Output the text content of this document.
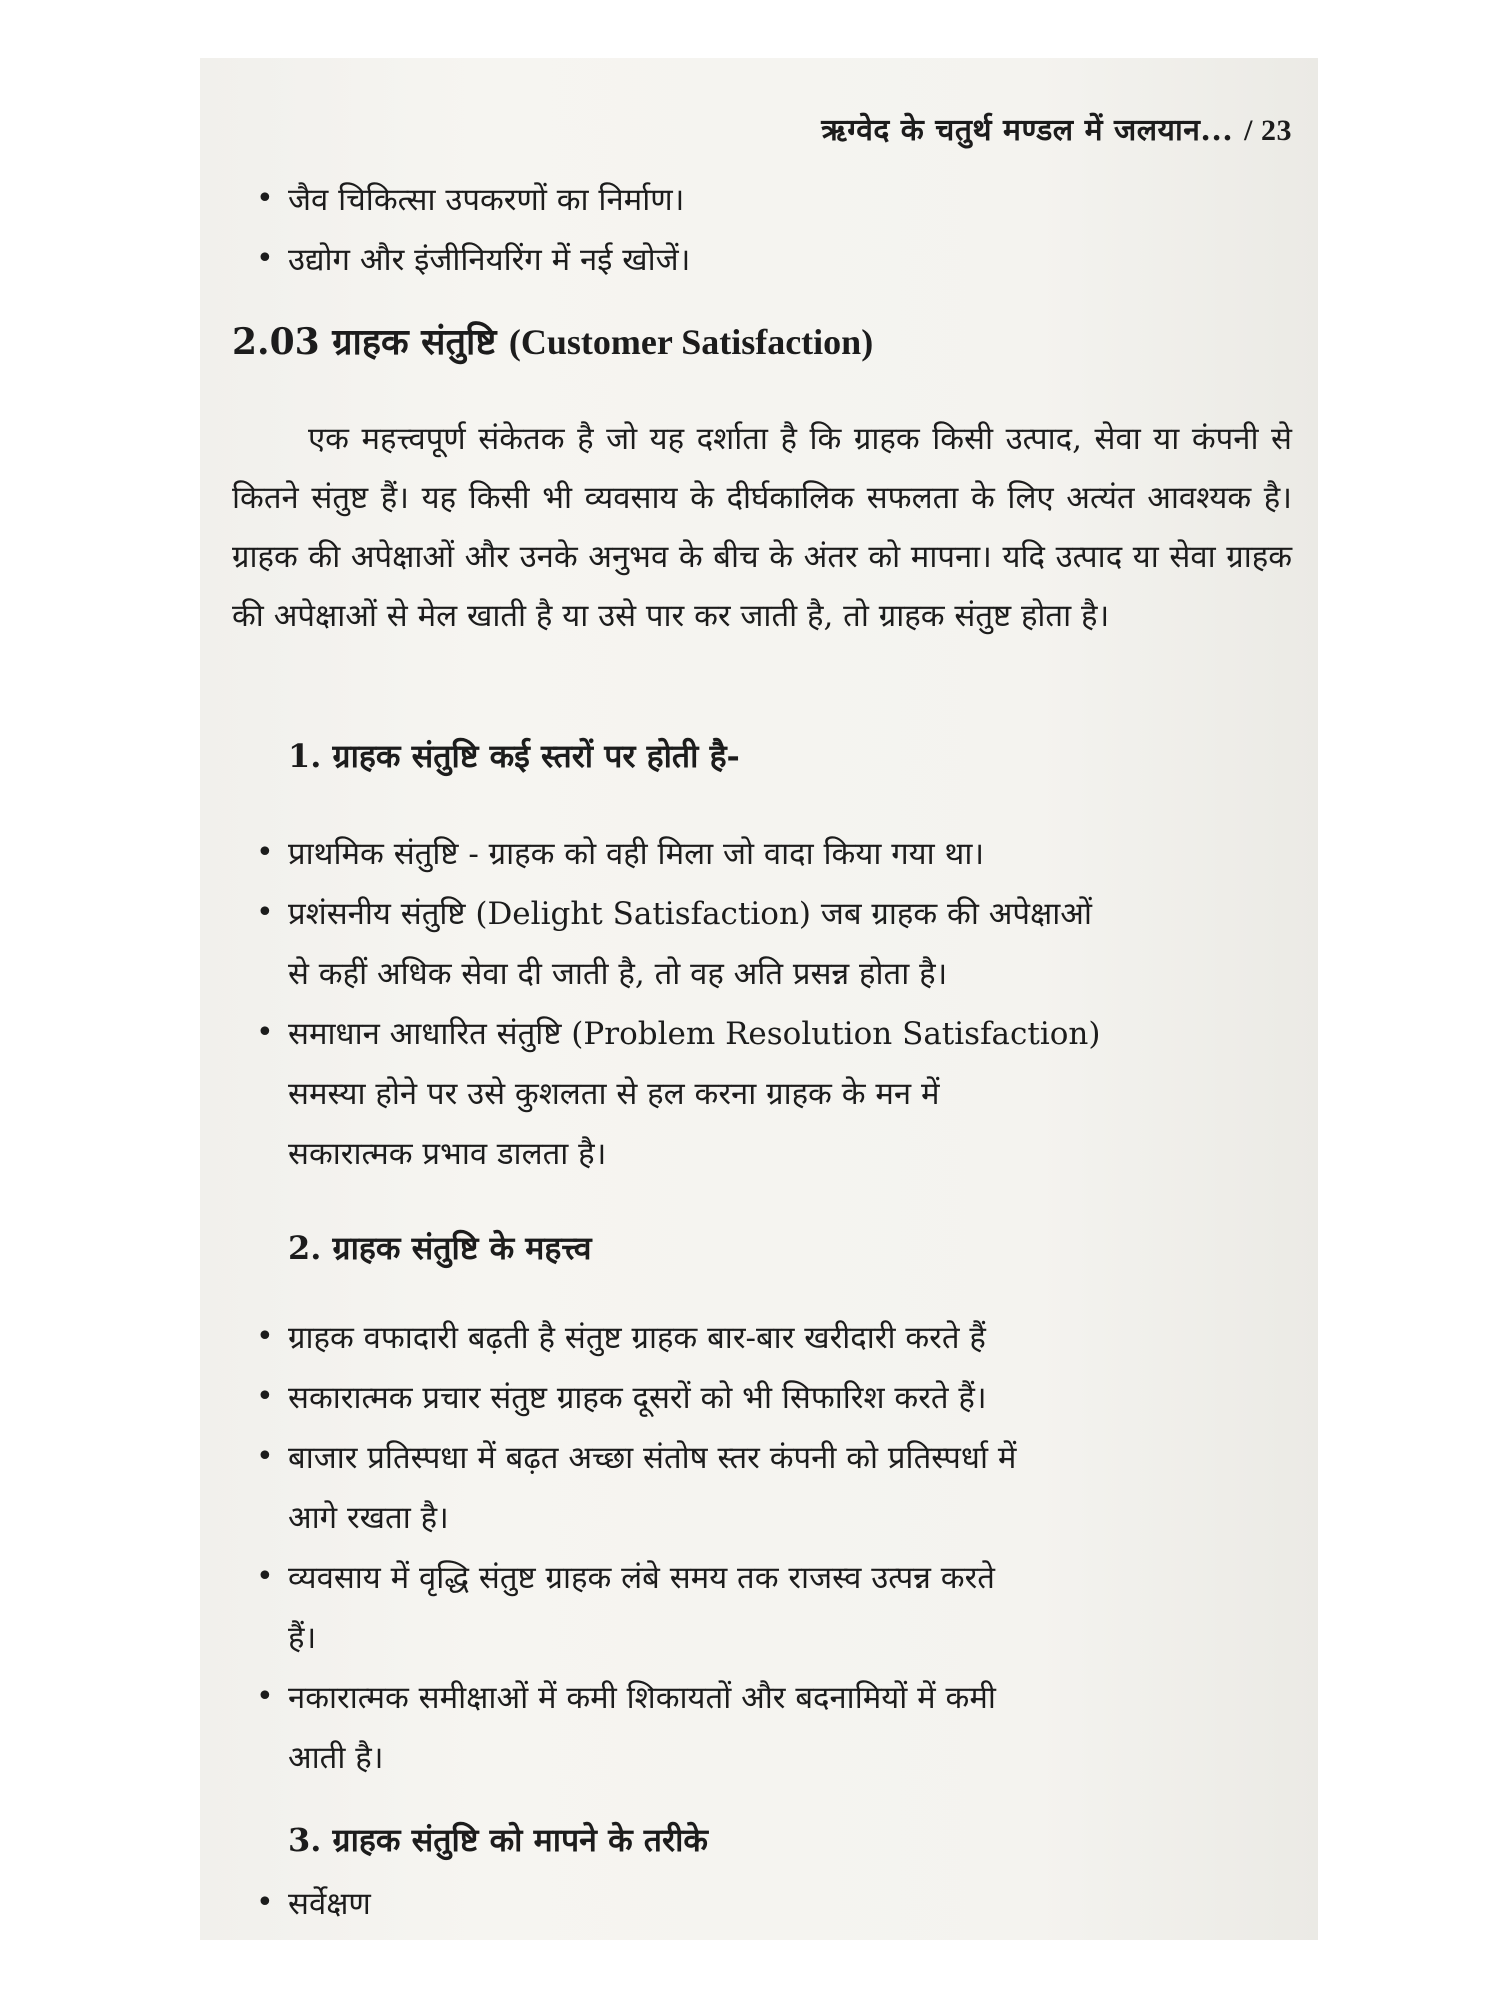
ऋग्वेद के चतुर्थ मण्डल में जलयान... / 23
• जैव चिकित्सा उपकरणों का निर्माण।
• उद्योग और इंजीनियरिंग में नई खोजें।
2.03 ग्राहक संतुष्टि (Customer Satisfaction)

एक महत्त्वपूर्ण संकेतक है जो यह दर्शाता है कि ग्राहक किसी उत्पाद, सेवा या कंपनी से कितने संतुष्ट हैं। यह किसी भी व्यवसाय के दीर्घकालिक सफलता के लिए अत्यंत आवश्यक है। ग्राहक की अपेक्षाओं और उनके अनुभव के बीच के अंतर को मापना। यदि उत्पाद या सेवा ग्राहक की अपेक्षाओं से मेल खाती है या उसे पार कर जाती है, तो ग्राहक संतुष्ट होता है।

1. ग्राहक संतुष्टि कई स्तरों पर होती है-
• प्राथमिक संतुष्टि - ग्राहक को वही मिला जो वादा किया गया था।
• प्रशंसनीय संतुष्टि (Delight Satisfaction) जब ग्राहक की अपेक्षाओं
से कहीं अधिक सेवा दी जाती है, तो वह अति प्रसन्न होता है।
• समाधान आधारित संतुष्टि (Problem Resolution Satisfaction)
समस्या होने पर उसे कुशलता से हल करना ग्राहक के मन में
सकारात्मक प्रभाव डालता है।
2. ग्राहक संतुष्टि के महत्त्व
• ग्राहक वफादारी बढ़ती है संतुष्ट ग्राहक बार-बार खरीदारी करते हैं
• सकारात्मक प्रचार संतुष्ट ग्राहक दूसरों को भी सिफारिश करते हैं।
• बाजार प्रतिस्पधा में बढ़त अच्छा संतोष स्तर कंपनी को प्रतिस्पर्धा में
आगे रखता है।
• व्यवसाय में वृद्धि संतुष्ट ग्राहक लंबे समय तक राजस्व उत्पन्न करते
हैं।
• नकारात्मक समीक्षाओं में कमी शिकायतों और बदनामियों में कमी
आती है।
3. ग्राहक संतुष्टि को मापने के तरीके
• सर्वेक्षण
